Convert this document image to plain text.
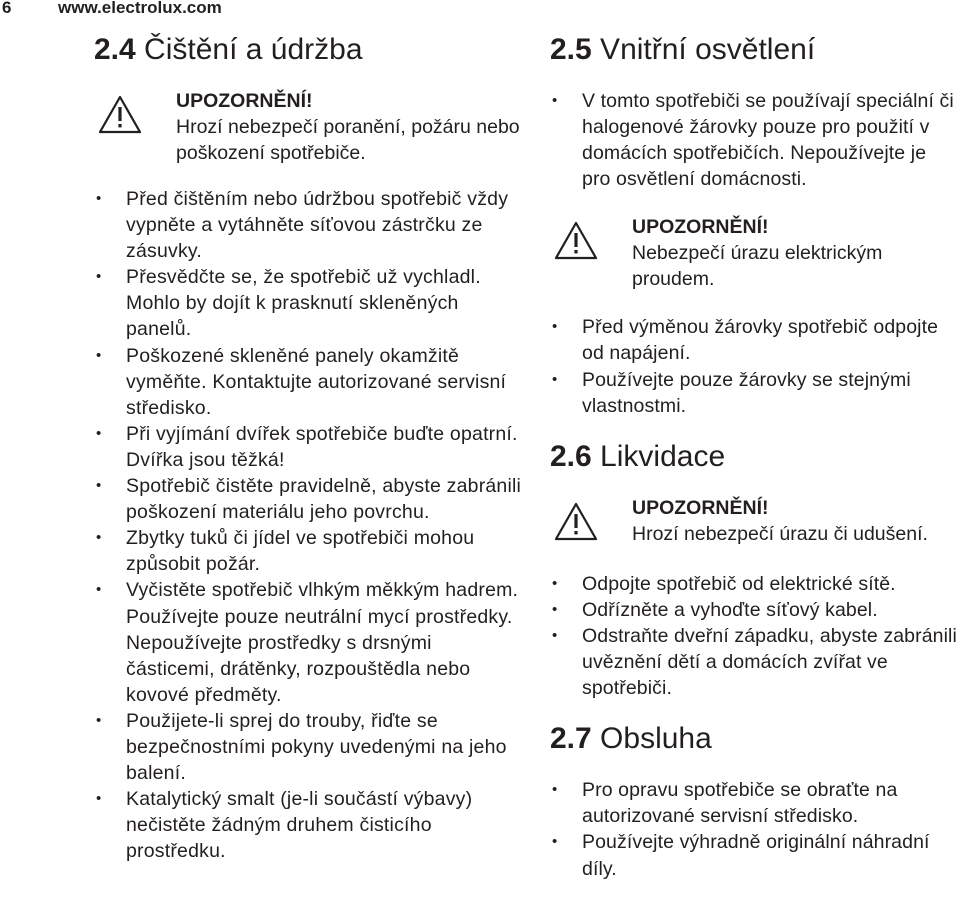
6	www.electrolux.com
2.4 Čištění a údržba
UPOZORNĚNÍ!
Hrozí nebezpečí poranění, požáru nebo poškození spotřebiče.
• Před čištěním nebo údržbou spotřebič vždy vypněte a vytáhněte síťovou zástrčku ze zásuvky.
• Přesvědčte se, že spotřebič už vychladl. Mohlo by dojít k prasknutí skleněných panelů.
• Poškozené skleněné panely okamžitě vyměňte. Kontaktujte autorizované servisní středisko.
• Při vyjímání dvířek spotřebiče buďte opatrní. Dvířka jsou těžká!
• Spotřebič čistěte pravidelně, abyste zabránili poškození materiálu jeho povrchu.
• Zbytky tuků či jídel ve spotřebiči mohou způsobit požár.
• Vyčistěte spotřebič vlhkým měkkým hadrem. Používejte pouze neutrální mycí prostředky. Nepoužívejte prostředky s drsnými částicemi, drátěnky, rozpouštědla nebo kovové předměty.
• Použijete-li sprej do trouby, řiďte se bezpečnostními pokyny uvedenými na jeho balení.
• Katalytický smalt (je-li součástí výbavy) nečistěte žádným druhem čisticího prostředku.
2.5 Vnitřní osvětlení
• V tomto spotřebiči se používají speciální či halogenové žárovky pouze pro použití v domácích spotřebičích. Nepoužívejte je pro osvětlení domácnosti.
UPOZORNĚNÍ!
Nebezpečí úrazu elektrickým proudem.
• Před výměnou žárovky spotřebič odpojte od napájení.
• Používejte pouze žárovky se stejnými vlastnostmi.
2.6 Likvidace
UPOZORNĚNÍ!
Hrozí nebezpečí úrazu či udušení.
• Odpojte spotřebič od elektrické sítě.
• Odřízněte a vyhoďte síťový kabel.
• Odstraňte dveřní západku, abyste zabránili uvěznění dětí a domácích zvířat ve spotřebiči.
2.7 Obsluha
• Pro opravu spotřebiče se obraťte na autorizované servisní středisko.
• Používejte výhradně originální náhradní díly.
